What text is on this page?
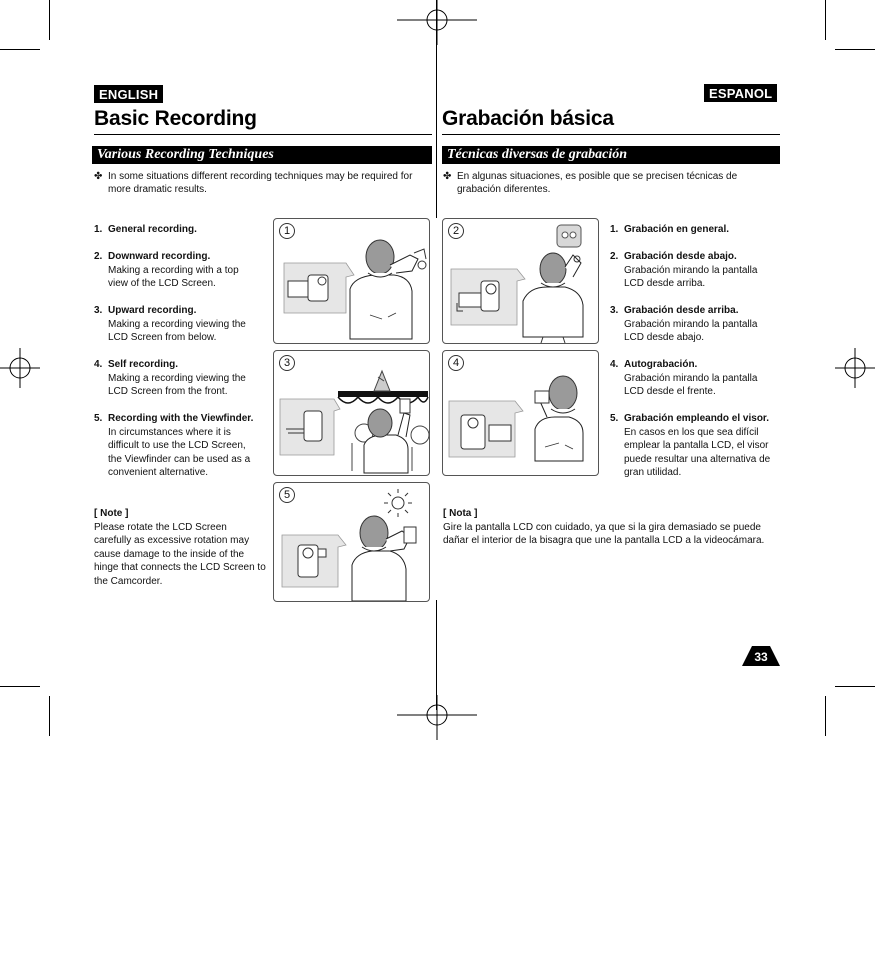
ENGLISH	ESPANOL
Basic Recording	Grabación básica
Various Recording Techniques	Técnicas diversas de grabación
✤ In some situations different recording techniques may be required for more dramatic results.
✤ En algunas situaciones, es posible que se precisen técnicas de grabación diferentes.
1. General recording.
2. Downward recording.
Making a recording with a top view of the LCD Screen.
3. Upward recording.
Making a recording viewing the LCD Screen from below.
4. Self recording.
Making a recording viewing the LCD Screen from the front.
5. Recording with the Viewfinder.
In circumstances where it is difficult to use the LCD Screen, the Viewfinder can be used as a convenient alternative.
[ Note ]
Please rotate the LCD Screen carefully as excessive rotation may cause damage to the inside of the hinge that connects the LCD Screen to the Camcorder.
1. Grabación en general.
2. Grabación desde abajo.
Grabación mirando la pantalla LCD desde arriba.
3. Grabación desde arriba.
Grabación mirando la pantalla LCD desde abajo.
4. Autograbación.
Grabación mirando la pantalla LCD desde el frente.
5. Grabación empleando el visor.
En casos en los que sea difícil emplear la pantalla LCD, el visor puede resultar una alternativa de gran utilidad.
[ Nota ]
Gire la pantalla LCD con cuidado, ya que si la gira demasiado se puede dañar el interior de la bisagra que une la pantalla LCD a la videocámara.
1	2
3	4
5
33
